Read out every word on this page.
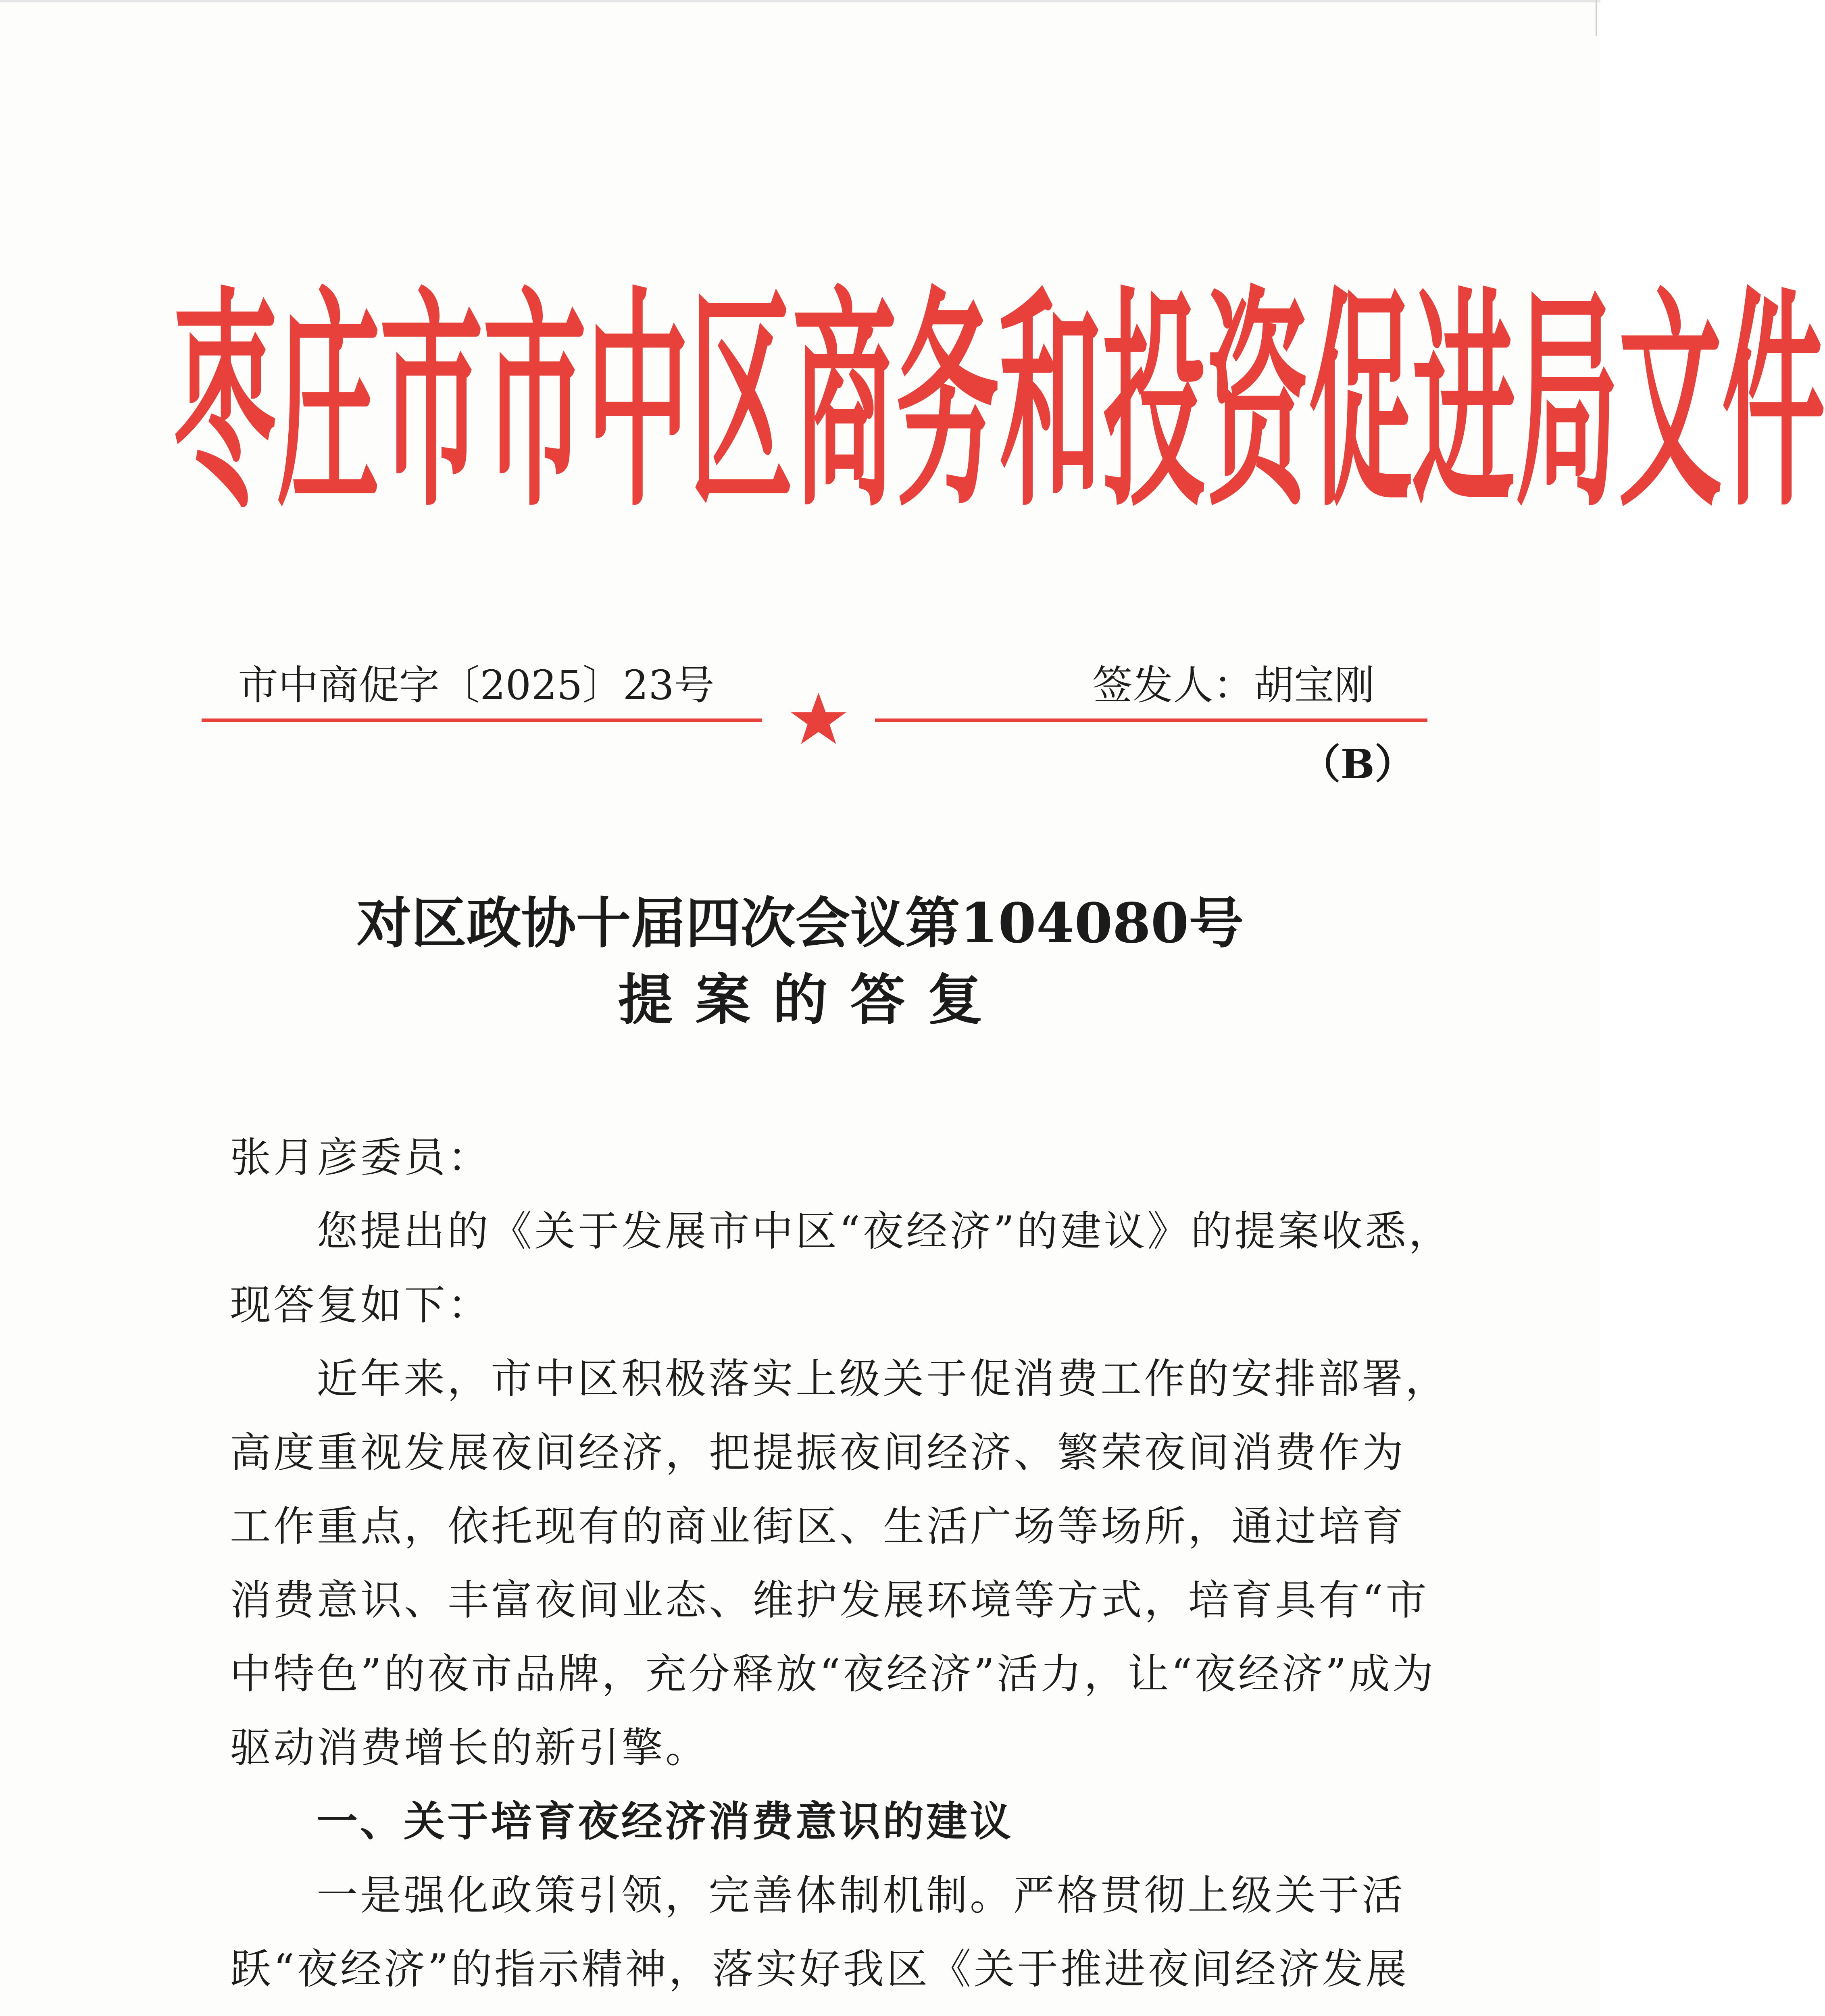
枣 庄 市 市 中 区 商 务 和 投 资 促 进 局 文 件
市中商促字〔2025〕23号	签发人：胡宝刚
（B）
对区政协十届四次会议第104080号
提案的答复
张月彦委员：
您提出的《关于发展市中区“夜经济”的建议》的提案收悉，
现答复如下：
近年来，市中区积极落实上级关于促消费工作的安排部署，
高度重视发展夜间经济，把提振夜间经济、繁荣夜间消费作为
工作重点，依托现有的商业街区、生活广场等场所，通过培育
消费意识、丰富夜间业态、维护发展环境等方式，培育具有“市
中特色”的夜市品牌，充分释放“夜经济”活力，让“夜经济”成为
驱动消费增长的新引擎。
一、关于培育夜经济消费意识的建议
一是强化政策引领，完善体制机制。严格贯彻上级关于活
跃“夜经济”的指示精神，落实好我区《关于推进夜间经济发展
